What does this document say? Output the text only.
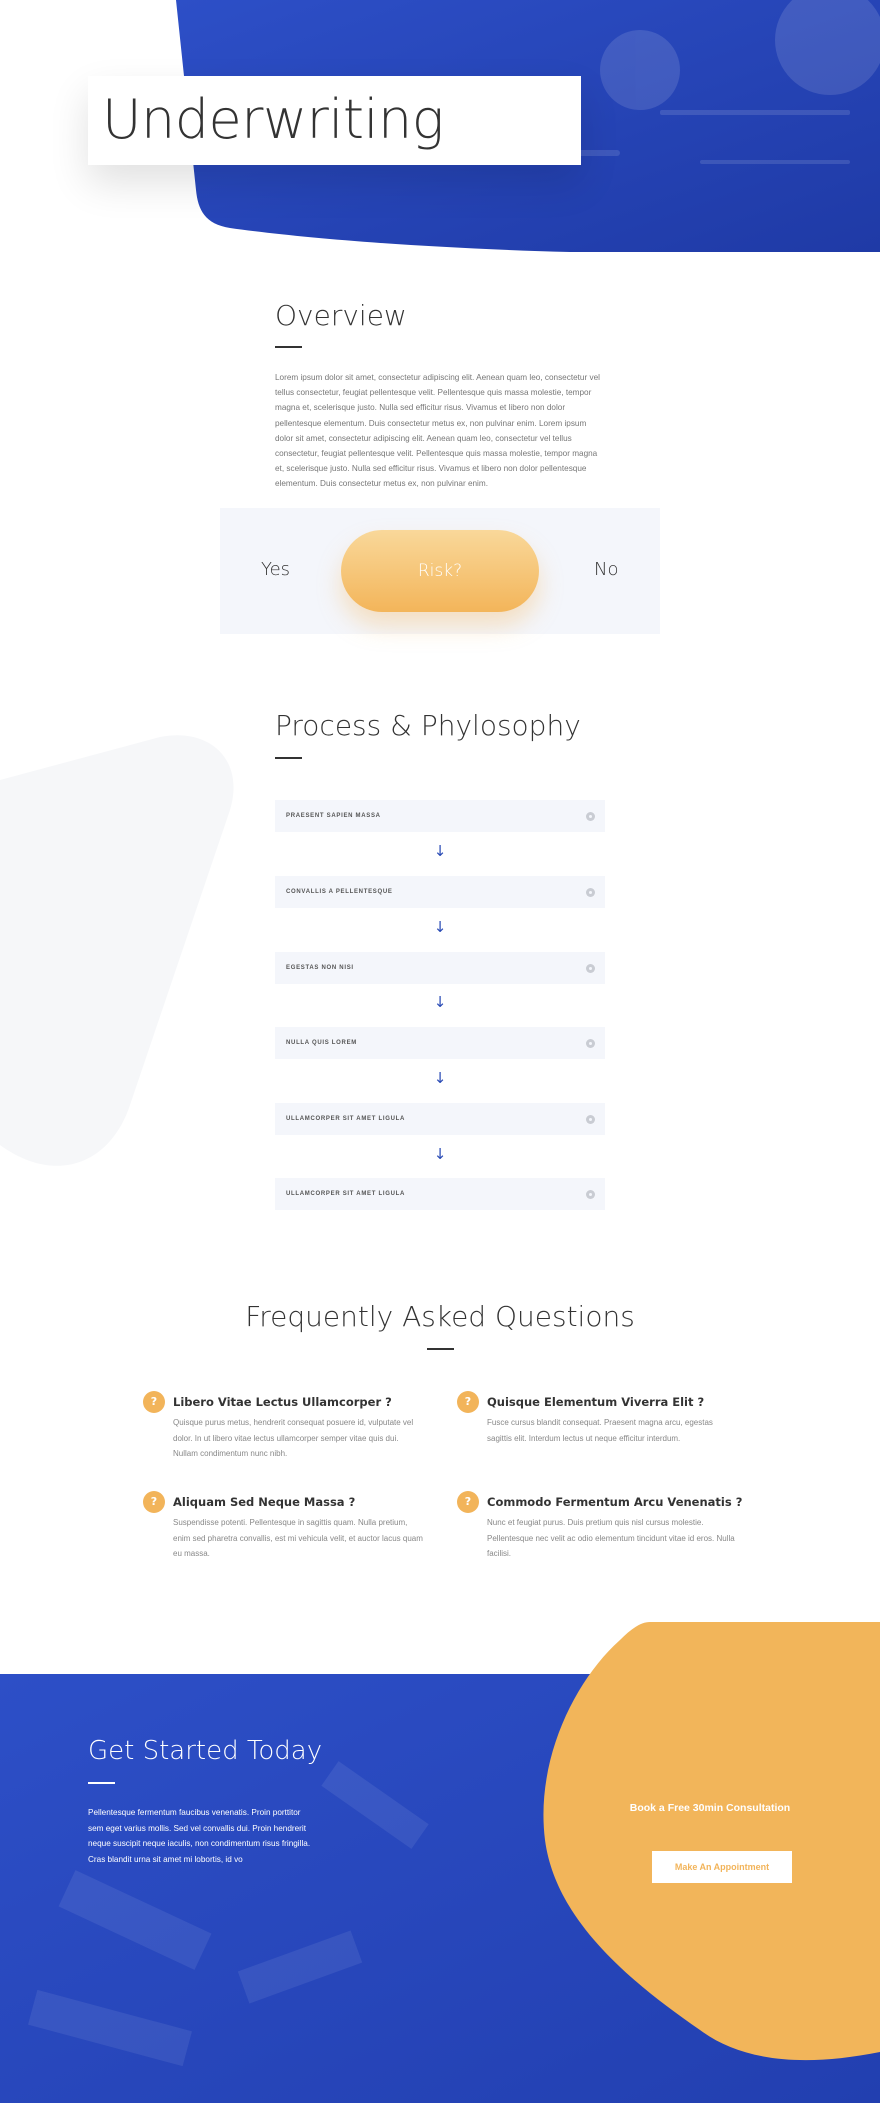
Underwriting
Overview

Lorem ipsum dolor sit amet, consectetur adipiscing elit. Aenean quam leo, consectetur vel tellus consectetur, feugiat pellentesque velit. Pellentesque quis massa molestie, tempor magna et, scelerisque justo. Nulla sed efficitur risus. Vivamus et libero non dolor pellentesque elementum. Duis consectetur metus ex, non pulvinar enim. Lorem ipsum dolor sit amet, consectetur adipiscing elit. Aenean quam leo, consectetur vel tellus consectetur, feugiat pellentesque velit. Pellentesque quis massa molestie, tempor magna et, scelerisque justo. Nulla sed efficitur risus. Vivamus et libero non dolor pellentesque elementum. Duis consectetur metus ex, non pulvinar enim.

Yes	Risk?	No
Process & Phylosophy
PRAESENT SAPIEN MASSA
↓
CONVALLIS A PELLENTESQUE
↓
EGESTAS NON NISI
↓
NULLA QUIS LOREM
↓
ULLAMCORPER SIT AMET LIGULA
↓
ULLAMCORPER SIT AMET LIGULA
Frequently Asked Questions
?	Libero Vitae Lectus Ullamcorper ?

Quisque purus metus, hendrerit consequat posuere id, vulputate vel dolor. In ut libero vitae lectus ullamcorper semper vitae quis dui. Nullam condimentum nunc nibh.

?	Quisque Elementum Viverra Elit ?

Fusce cursus blandit consequat. Praesent magna arcu, egestas sagittis elit. Interdum lectus ut neque efficitur interdum.

?	Aliquam Sed Neque Massa ?

Suspendisse potenti. Pellentesque in sagittis quam. Nulla pretium, enim sed pharetra convallis, est mi vehicula velit, et auctor lacus quam eu massa.

?	Commodo Fermentum Arcu Venenatis ?

Nunc et feugiat purus. Duis pretium quis nisl cursus molestie. Pellentesque nec velit ac odio elementum tincidunt vitae id eros. Nulla facilisi.

Get Started Today

Pellentesque fermentum faucibus venenatis. Proin porttitor sem eget varius mollis. Sed vel convallis dui. Proin hendrerit neque suscipit neque iaculis, non condimentum risus fringilla. Cras blandit urna sit amet mi lobortis, id vo

Book a Free 30min Consultation
Make An Appointment
